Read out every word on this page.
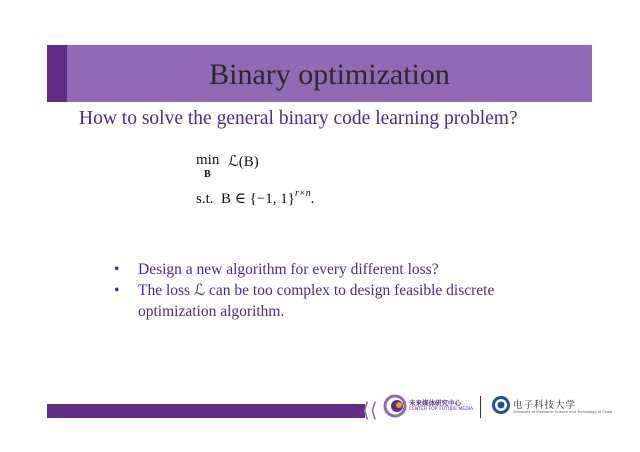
Binary optimization
How to solve the general binary code learning problem?
min
B
ℒ(B)
s.t. B ∈ {−1, 1}$^{r\times n}$.
• Design a new algorithm for every different loss?
• The loss ℒ can be too complex to design feasible discrete optimization algorithm.
⟨⟨	未来媒体研究中心
CENTER FOR FUTURE MEDIA	电子科技大学
University of Electronic Science and Technology of China
